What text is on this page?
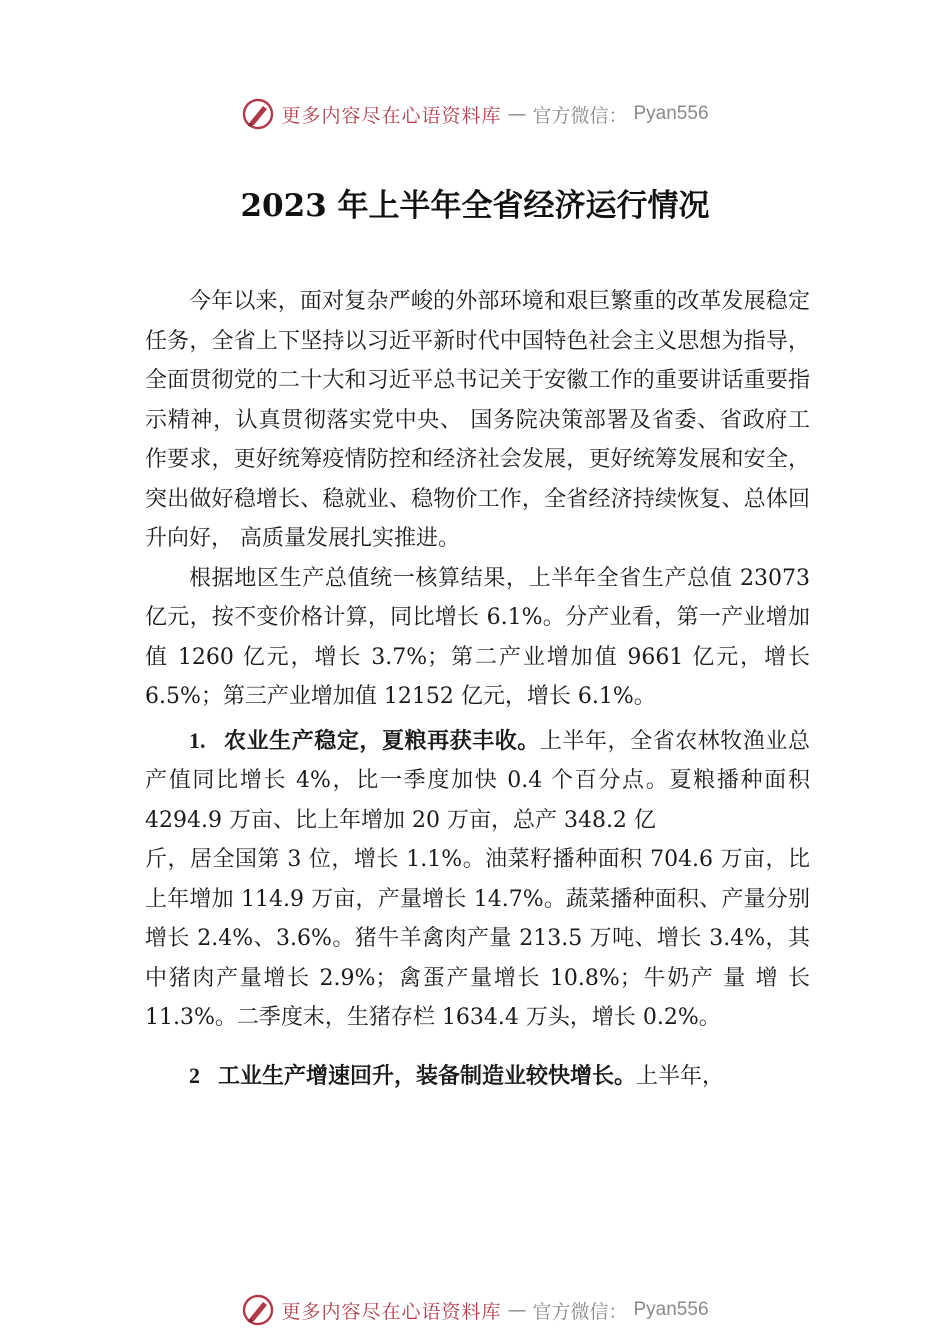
更多内容尽在心语资料库 — 官方微信： Pyan556
2023 年上半年全省经济运行情况

今年以来，面对复杂严峻的外部环境和艰巨繁重的改革发展稳定任务，全省上下坚持以习近平新时代中国特色社会主义思想为指导，全面贯彻党的二十大和习近平总书记关于安徽工作的重要讲话重要指示精神，认真贯彻落实党中央、 国务院决策部署及省委、省政府工作要求，更好统筹疫情防控和经济社会发展，更好统筹发展和安全，突出做好稳增长、稳就业、稳物价工作，全省经济持续恢复、总体回升向好， 高质量发展扎实推进。

根据地区生产总值统一核算结果，上半年全省生产总值 23073 亿元，按不变价格计算，同比增长 6.1%。分产业看，第一产业增加值 1260 亿元，增长 3.7%；第二产业增加值 9661 亿元，增长 6.5%；第三产业增加值 12152 亿元，增长 6.1%。

1. 农业生产稳定，夏粮再获丰收。上半年，全省农林牧渔业总产值同比增长 4%，比一季度加快 0.4 个百分点。夏粮播种面积 4294.9 万亩、比上年增加 20 万亩，总产 348.2 亿

斤，居全国第 3 位，增长 1.1%。油菜籽播种面积 704.6 万亩，比上年增加 114.9 万亩，产量增长 14.7%。蔬菜播种面积、产量分别增长 2.4%、3.6%。猪牛羊禽肉产量 213.5 万吨、增长 3.4%，其中猪肉产量增长 2.9%；禽蛋产量增长 10.8%；牛奶产 量 增 长 11.3%。二季度末，生猪存栏 1634.4 万头，增长 0.2%。

2 工业生产增速回升，装备制造业较快增长。上半年，

更多内容尽在心语资料库 — 官方微信： Pyan556
